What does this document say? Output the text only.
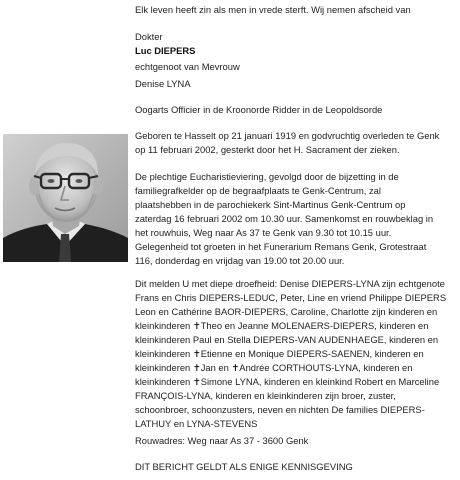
Elk leven heeft zin als men in vrede sterft. Wij nemen afscheid van

Dokter

Luc DIEPERS

echtgenoot van Mevrouw

Denise LYNA

Oogarts Officier in de Kroonorde Ridder in de Leopoldsorde

Geboren te Hasselt op 21 januari 1919 en godvruchtig overleden te Genk

op 11 februari 2002, gesterkt door het H. Sacrament der zieken.

De plechtige Eucharistieviering, gevolgd door de bijzetting in de

familiegrafkelder op de begraafplaats te Genk-Centrum, zal

plaatshebben in de parochiekerk Sint-Martinus Genk-Centrum op

zaterdag 16 februari 2002 om 10.30 uur. Samenkomst en rouwbeklag in

het rouwhuis, Weg naar As 37 te Genk van 9.30 tot 10.15 uur.

Gelegenheid tot groeten in het Funerarium Remans Genk, Grotestraat

116, donderdag en vrijdag van 19.00 tot 20.00 uur.

Dit melden U met diepe droefheid: Denise DIEPERS-LYNA zijn echtgenote

Frans en Chris DIEPERS-LEDUC, Peter, Line en vriend Philippe DIEPERS

Leon en Cathérine BAOR-DIEPERS, Caroline, Charlotte zijn kinderen en

kleinkinderen ✝Theo en Jeanne MOLENAERS-DIEPERS, kinderen en

kleinkinderen Paul en Stella DIEPERS-VAN AUDENHAEGE, kinderen en

kleinkinderen ✝Etienne en Monique DIEPERS-SAENEN, kinderen en

kleinkinderen ✝Jan en ✝Andrée CORTHOUTS-LYNA, kinderen en

kleinkinderen ✝Simone LYNA, kinderen en kleinkind Robert en Marceline

FRANÇOIS-LYNA, kinderen en kleinkinderen zijn broer, zuster,

schoonbroer, schoonzusters, neven en nichten De families DIEPERS-

LATHUY en LYNA-STEVENS

Rouwadres: Weg naar As 37 - 3600 Genk

DIT BERICHT GELDT ALS ENIGE KENNISGEVING
